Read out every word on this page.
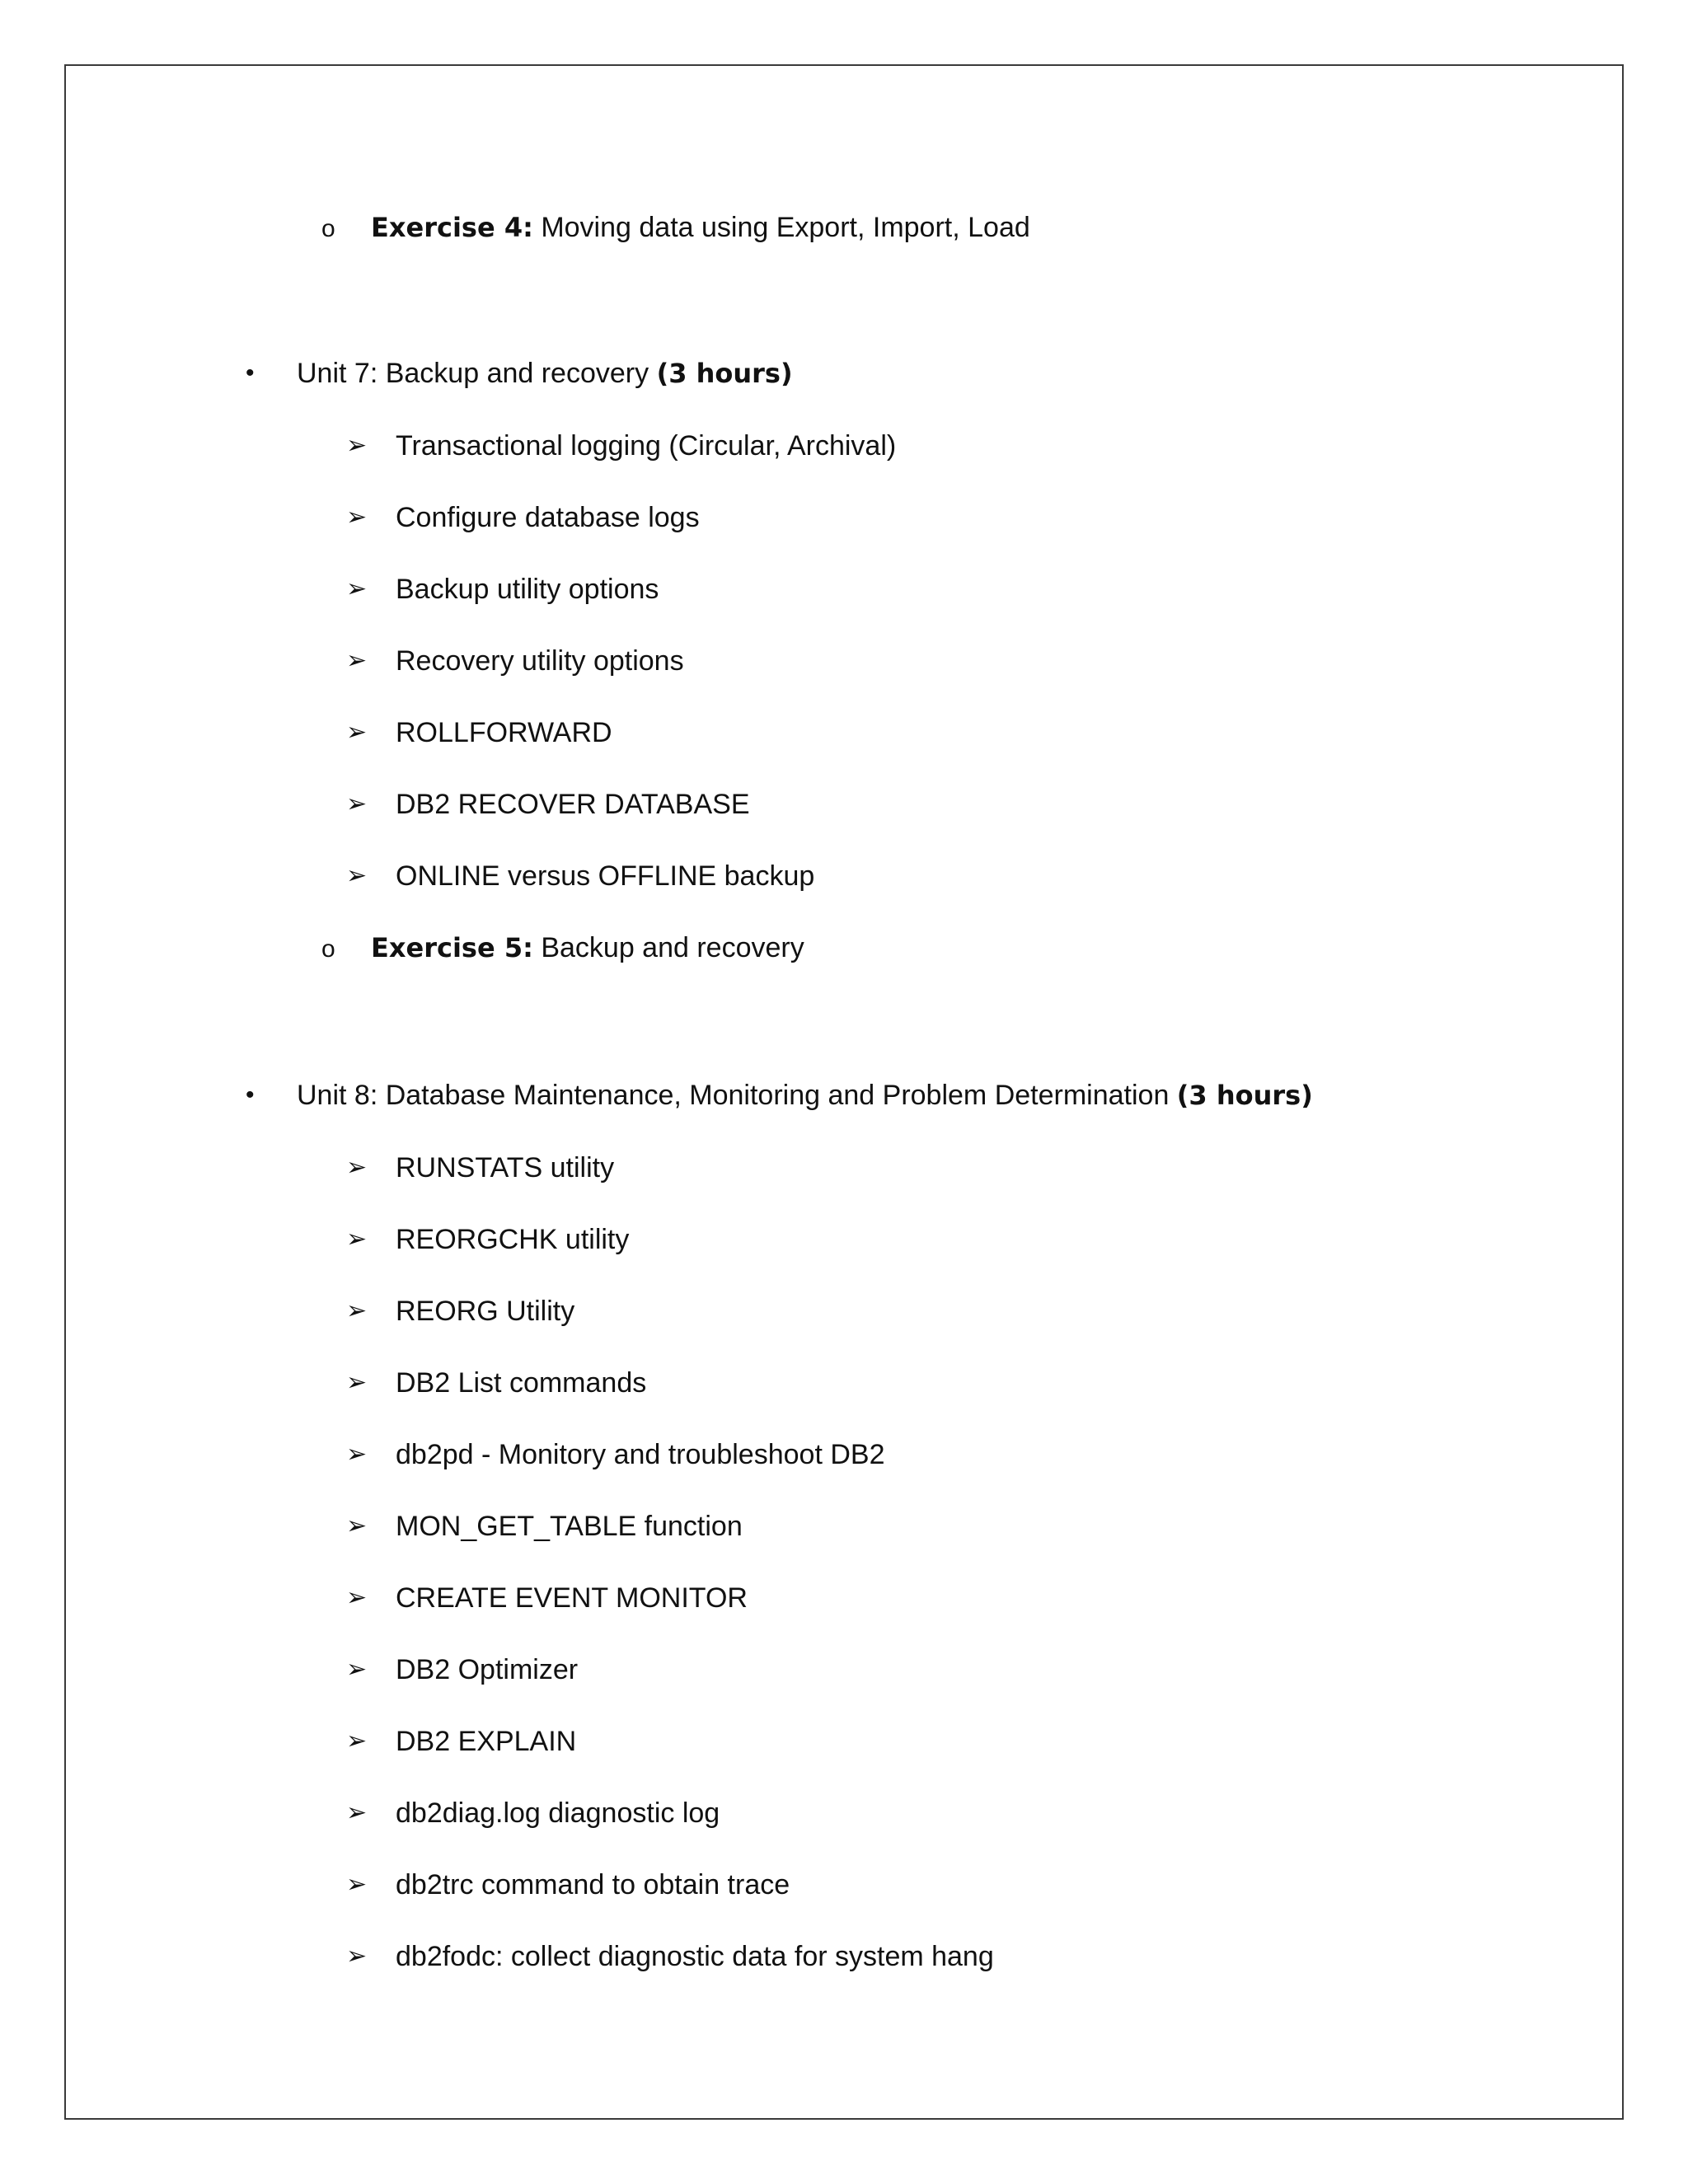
o Exercise 4: Moving data using Export, Import, Load
• Unit 7: Backup and recovery (3 hours)
➢ Transactional logging (Circular, Archival)
➢ Configure database logs
➢ Backup utility options
➢ Recovery utility options
➢ ROLLFORWARD
➢ DB2 RECOVER DATABASE
➢ ONLINE versus OFFLINE backup
o Exercise 5: Backup and recovery
• Unit 8: Database Maintenance, Monitoring and Problem Determination (3 hours)
➢ RUNSTATS utility
➢ REORGCHK utility
➢ REORG Utility
➢ DB2 List commands
➢ db2pd - Monitory and troubleshoot DB2
➢ MON_GET_TABLE function
➢ CREATE EVENT MONITOR
➢ DB2 Optimizer
➢ DB2 EXPLAIN
➢ db2diag.log diagnostic log
➢ db2trc command to obtain trace
➢ db2fodc: collect diagnostic data for system hang
